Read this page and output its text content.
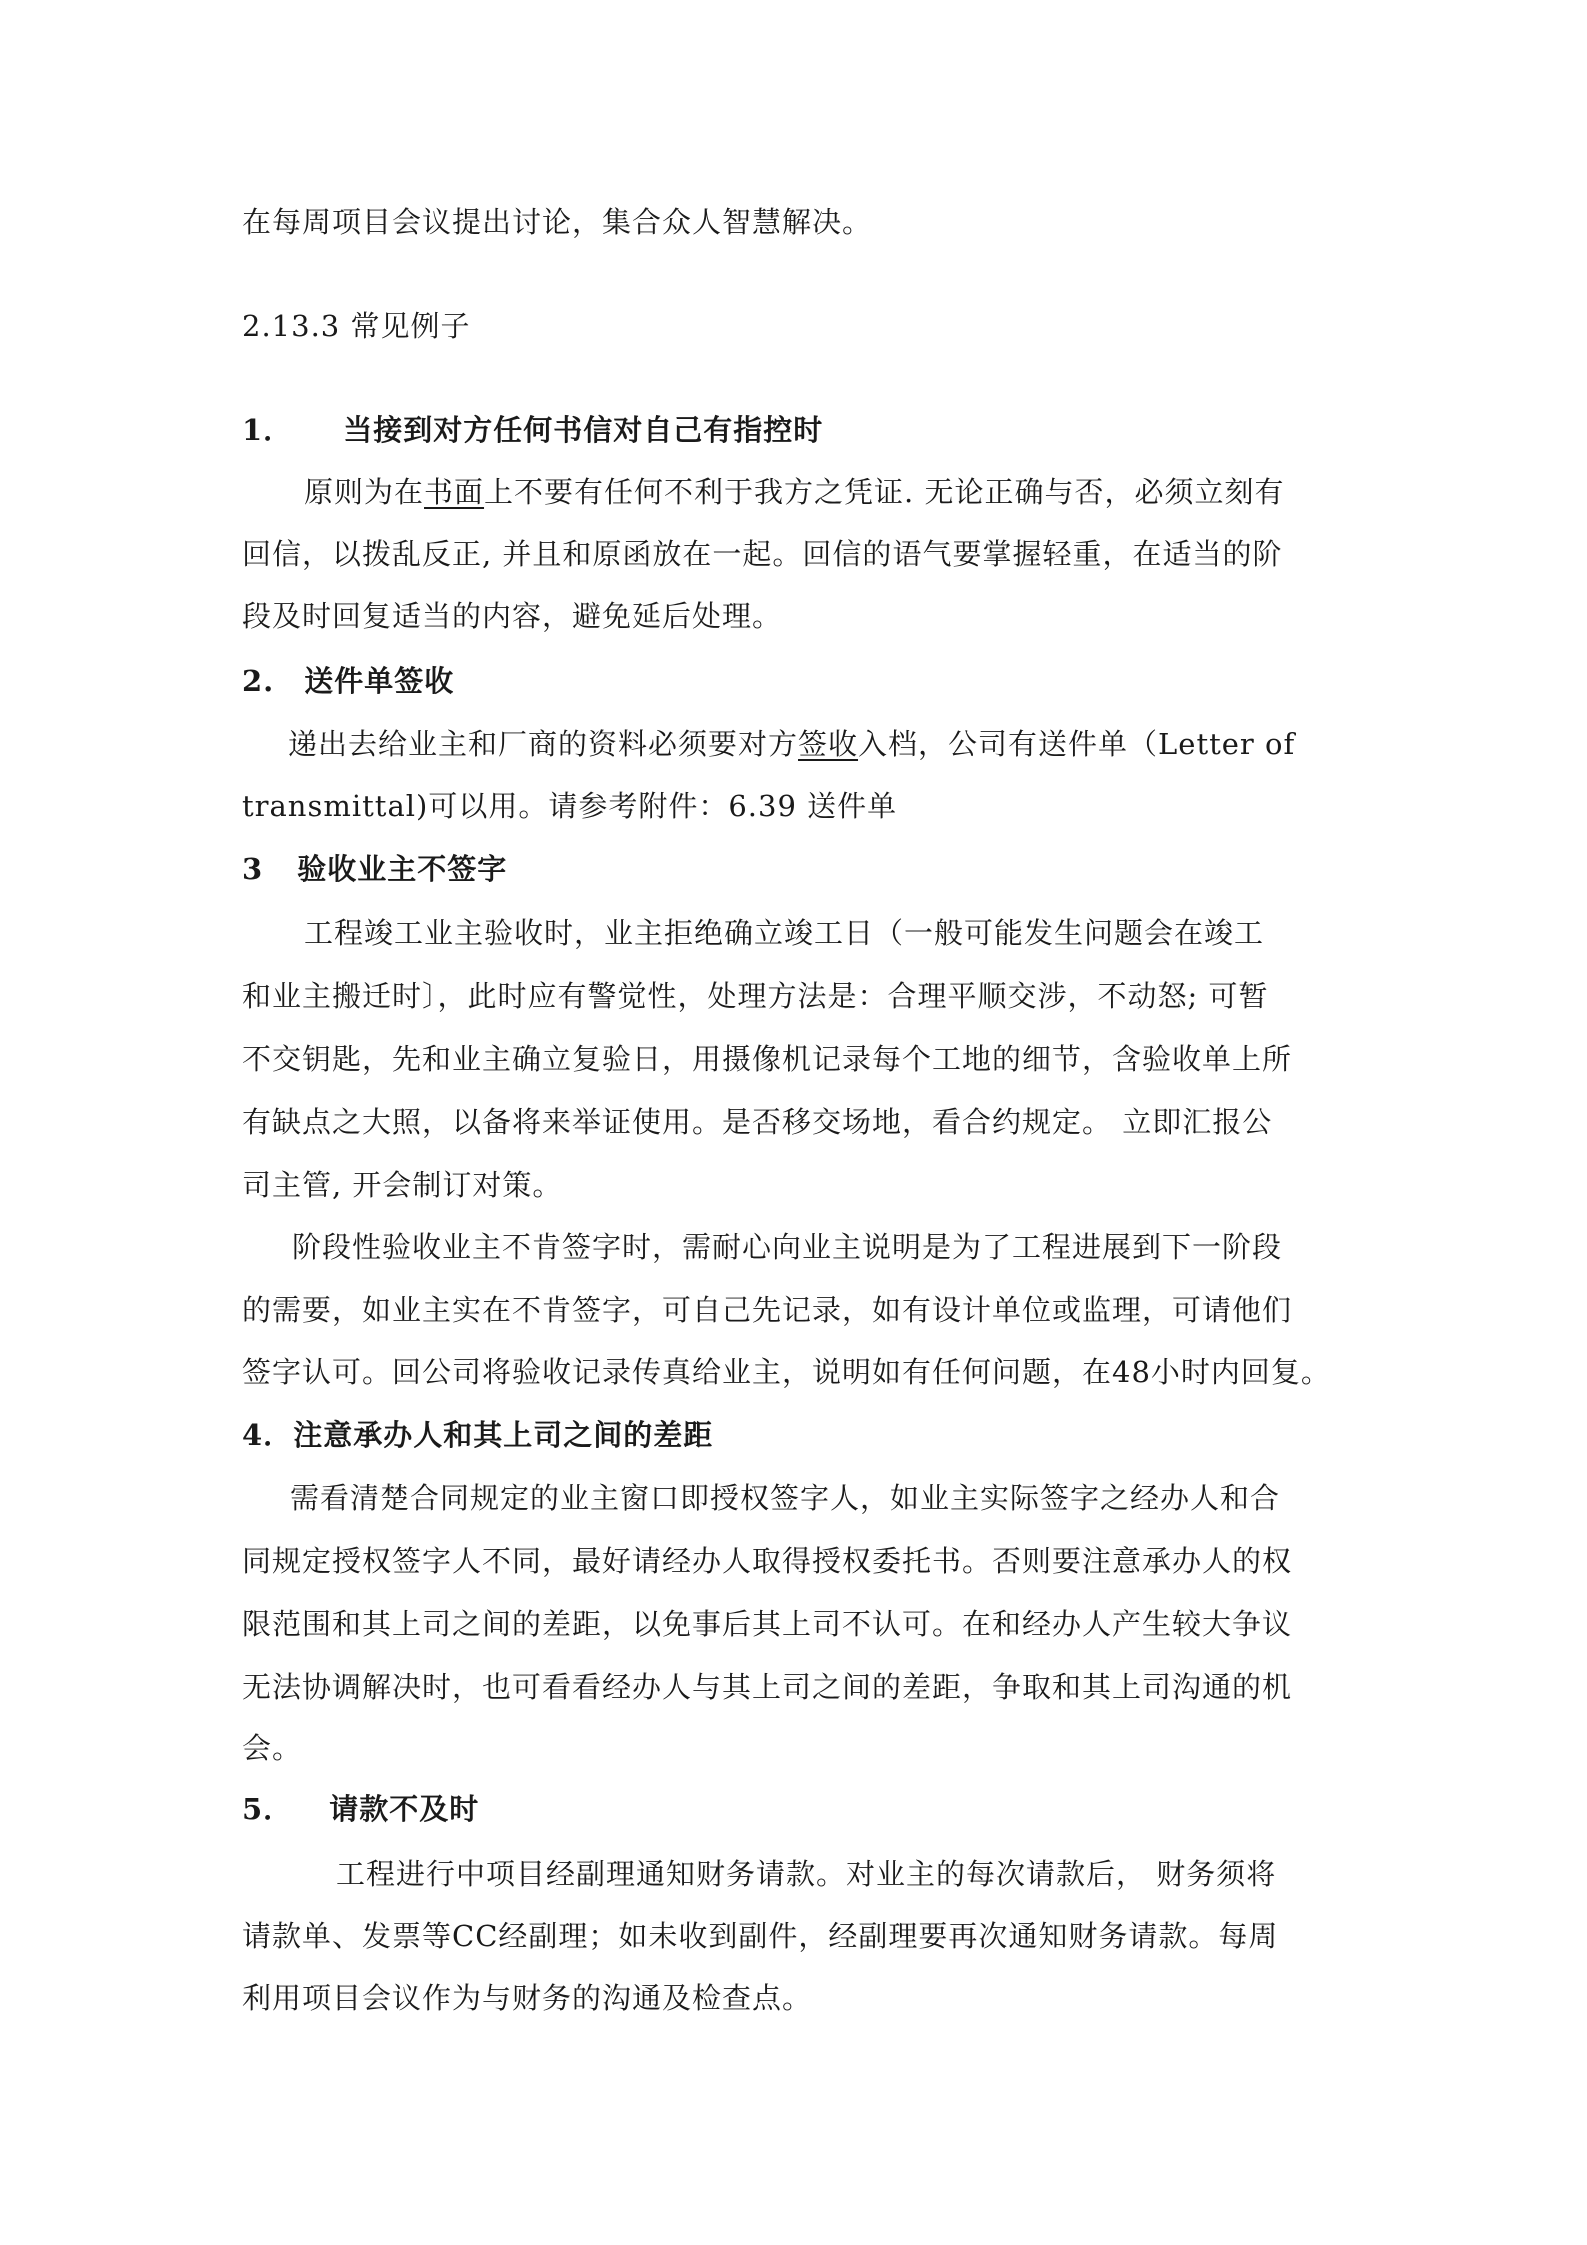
在每周项目会议提出讨论，集合众人智慧解决。
2.13.3 常见例子
1． 当接到对方任何书信对自己有指控时
原则为在书面上不要有任何不利于我方之凭证. 无论正确与否，必须立刻有
回信，以拨乱反正, 并且和原函放在一起。回信的语气要掌握轻重，在适当的阶
段及时回复适当的内容，避免延后处理。
2. 送件单签收
递出去给业主和厂商的资料必须要对方签收入档，公司有送件单（Letter of
transmittal)可以用。请参考附件：6.39 送件单
3 验收业主不签字
工程竣工业主验收时，业主拒绝确立竣工日（一般可能发生问题会在竣工
和业主搬迁时〕，此时应有警觉性，处理方法是：合理平顺交涉，不动怒; 可暂
不交钥匙，先和业主确立复验日，用摄像机记录每个工地的细节，含验收单上所
有缺点之大照，以备将来举证使用。是否移交场地，看合约规定。 立即汇报公
司主管, 开会制订对策。
阶段性验收业主不肯签字时，需耐心向业主说明是为了工程进展到下一阶段
的需要，如业主实在不肯签字，可自己先记录，如有设计单位或监理，可请他们
签字认可。回公司将验收记录传真给业主，说明如有任何问题，在48小时内回复。
4．注意承办人和其上司之间的差距
需看清楚合同规定的业主窗口即授权签字人，如业主实际签字之经办人和合
同规定授权签字人不同，最好请经办人取得授权委托书。否则要注意承办人的权
限范围和其上司之间的差距，以免事后其上司不认可。在和经办人产生较大争议
无法协调解决时，也可看看经办人与其上司之间的差距，争取和其上司沟通的机
会。
5． 请款不及时
工程进行中项目经副理通知财务请款。对业主的每次请款后， 财务须将
请款单、发票等CC经副理；如未收到副件，经副理要再次通知财务请款。每周
利用项目会议作为与财务的沟通及检查点。
